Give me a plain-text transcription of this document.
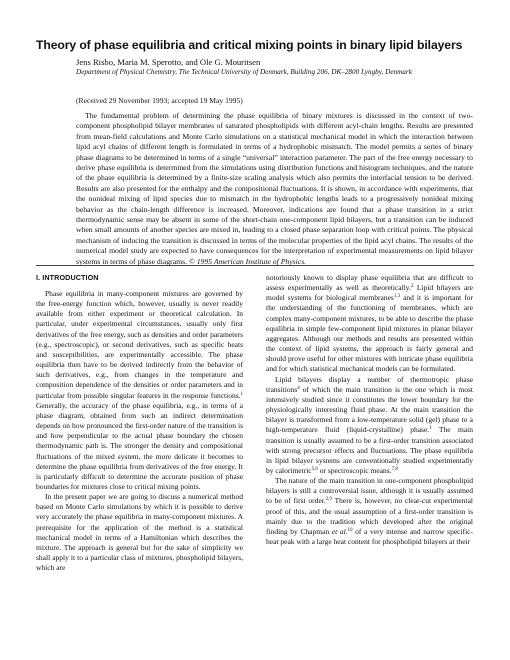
Theory of phase equilibria and critical mixing points in binary lipid bilayers
Jens Risbo, Maria M. Sperotto, and Ole G. Mouritsen
Department of Physical Chemistry, The Technical University of Denmark, Building 206, DK–2800 Lyngby, Denmark
(Received 29 November 1993; accepted 19 May 1995)

The fundamental problem of determining the phase equilibria of binary mixtures is discussed in the context of two-component phospholipid bilayer membranes of saturated phospholipids with different acyl-chain lengths. Results are presented from mean-field calculations and Monte Carlo simulations on a statistical mechanical model in which the interaction between lipid acyl chains of different length is formulated in terms of a hydrophobic mismatch. The model permits a series of binary phase diagrams to be determined in terms of a single “universal” interaction parameter. The part of the free energy necessary to derive phase equilibria is determined from the simulations using distribution functions and histogram techniques, and the nature of the phase equilibria is determined by a finite-size scaling analysis which also permits the interfacial tension to be derived. Results are also presented for the enthalpy and the compositional fluctuations. It is shown, in accordance with experiments, that the nonideal mixing of lipid species due to mismatch in the hydrophobic lengths leads to a progressively nonideal mixing behavior as the chain-length difference is increased. Moreover, indications are found that a phase transition in a strict thermodynamic sense may be absent in some of the short-chain one-component lipid bilayers, but a transition can be induced when small amounts of another species are mixed in, leading to a closed phase separation loop with critical points. The physical mechanism of inducing the transition is discussed in terms of the molecular properties of the lipid acyl chains. The results of the numerical model study are expected to have consequences for the interpretation of experimental measurements on lipid bilayer systems in terms of phase diagrams. © 1995 American Institute of Physics.

I. INTRODUCTION

Phase equilibria in many-component mixtures are governed by the free-energy function which, however, usually is never readily available from either experiment or theoretical calculation. In particular, under experimental circumstances, usually only first derivatives of the free energy, such as densities and order parameters (e.g., spectroscopic), or second derivatives, such as specific heats and susceptibilities, are experimentally accessible. The phase equilibria then have to be derived indirectly from the behavior of such derivatives, e.g., from changes in the temperature and composition dependence of the densities or order parameters and in particular from possible singular features in the response functions.$^1$ Generally, the accuracy of the phase equilibria, e.g., in terms of a phase diagram, obtained from such an indirect determination depends on how pronounced the first-order nature of the transition is and how perpendicular to the actual phase boundary the chosen thermodynamic path is. The stronger the density and compositional fluctuations of the mixed system, the more delicate it becomes to determine the phase equilibria from derivatives of the free energy. It is particularly difficult to determine the accurate position of phase boundaries for mixtures close to critical mixing points.

In the present paper we are going to discuss a numerical method based on Monte Carlo simulations by which it is possible to derive very accurately the phase equilibria in many-component mixtures. A prerequisite for the application of the method is a statistical mechanical model in terms of a Hamiltonian which describes the mixture. The approach is general but for the sake of simplicity we shall apply it to a particular class of mixtures, phospholipid bilayers, which are

notoriously known to display phase equilibria that are difficult to assess experimentally as well as theoretically.$^2$ Lipid bilayers are model systems for biological membranes$^{1,3}$ and it is important for the understanding of the functioning of membranes, which are complex many-component mixtures, to be able to describe the phase equilibria in simple few-component lipid mixtures in planar bilayer aggregates. Although our methods and results are presented within the context of lipid systems, the approach is fairly general and should prove useful for other mixtures with intricate phase equilibria and for which statistical mechanical models can be formulated.

Lipid bilayers display a number of thermotropic phase transitions$^4$ of which the main transition is the one which is most intensively studied since it constitutes the lower boundary for the physiologically interesting fluid phase. At the main transition the bilayer is transformed from a low-temperature solid (gel) phase to a high-temperature fluid (liquid-crystalline) phase.$^1$ The main transition is usually assumed to be a first-order transition associated with strong precursor effects and fluctuations. The phase equilibria in lipid bilayer systems are conventionally studied experimentally by calorimetric$^{5,6}$ or spectroscopic means.$^{7,8}$

The nature of the main transition in one-component phospholipid bilayers is still a controversial issue, although it is usually assumed to be of first order.$^{2,9}$ There is, however, no clear-cut experimental proof of this, and the usual assumption of a first-order transition is mainly due to the tradition which developed after the original finding by Chapman et al.$^{10}$ of a very intense and narrow specific-heat peak with a large heat content for phospholipid bilayers at their
